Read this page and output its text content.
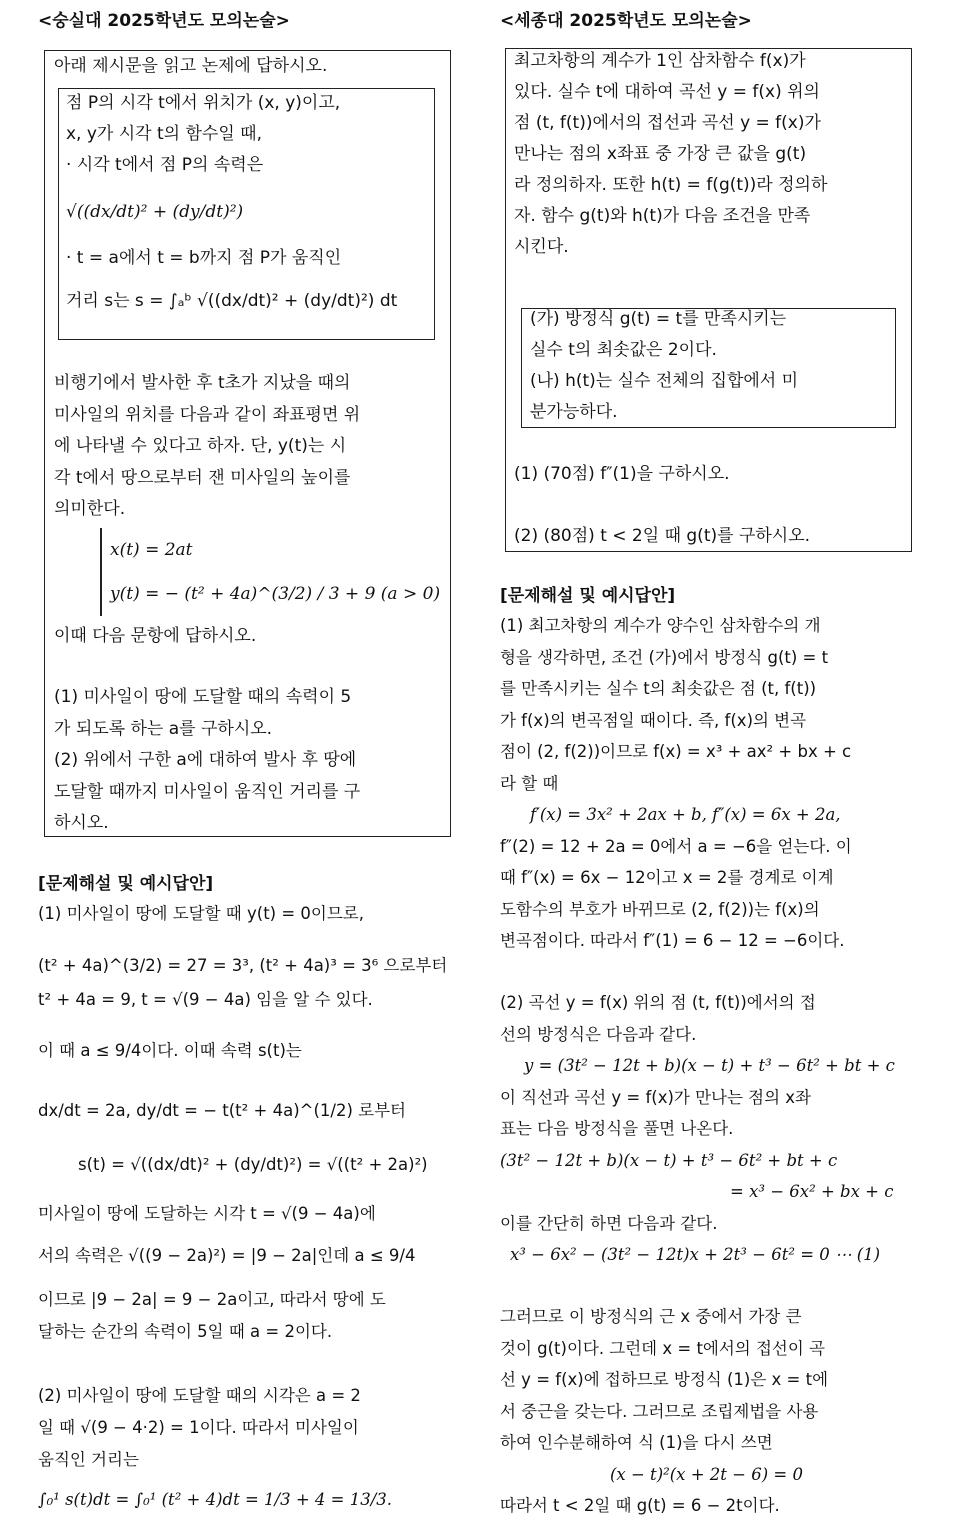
<숭실대 2025학년도 모의논술>
아래 제시문을 읽고 논제에 답하시오.
점 P의 시각 t에서 위치가 (x, y)이고,
x, y가 시각 t의 함수일 때,
· 시각 t에서 점 P의 속력은
√((dx/dt)² + (dy/dt)²)
· t = a에서 t = b까지 점 P가 움직인
거리 s는 s = ∫ₐᵇ √((dx/dt)² + (dy/dt)²) dt
비행기에서 발사한 후 t초가 지났을 때의
미사일의 위치를 다음과 같이 좌표평면 위
에 나타낼 수 있다고 하자. 단, y(t)는 시
각 t에서 땅으로부터 잰 미사일의 높이를
의미한다.
x(t) = 2at
y(t) = − (t² + 4a)^(3/2) / 3 + 9 (a > 0)
이때 다음 문항에 답하시오.
(1) 미사일이 땅에 도달할 때의 속력이 5
가 되도록 하는 a를 구하시오.
(2) 위에서 구한 a에 대하여 발사 후 땅에
도달할 때까지 미사일이 움직인 거리를 구
하시오.
[문제해설 및 예시답안]
(1) 미사일이 땅에 도달할 때 y(t) = 0이므로,
(t² + 4a)^(3/2) = 27 = 3³, (t² + 4a)³ = 3⁶ 으로부터
t² + 4a = 9, t = √(9 − 4a) 임을 알 수 있다.
이 때 a ≤ 9/4이다. 이때 속력 s(t)는
dx/dt = 2a, dy/dt = − t(t² + 4a)^(1/2) 로부터
s(t) = √((dx/dt)² + (dy/dt)²) = √((t² + 2a)²)
미사일이 땅에 도달하는 시각 t = √(9 − 4a)에
서의 속력은 √((9 − 2a)²) = |9 − 2a|인데 a ≤ 9/4
이므로 |9 − 2a| = 9 − 2a이고, 따라서 땅에 도
달하는 순간의 속력이 5일 때 a = 2이다.
(2) 미사일이 땅에 도달할 때의 시각은 a = 2
일 때 √(9 − 4·2) = 1이다. 따라서 미사일이
움직인 거리는
∫₀¹ s(t)dt = ∫₀¹ (t² + 4)dt = 1/3 + 4 = 13/3.
<세종대 2025학년도 모의논술>
최고차항의 계수가 1인 삼차함수 f(x)가
있다. 실수 t에 대하여 곡선 y = f(x) 위의
점 (t, f(t))에서의 접선과 곡선 y = f(x)가
만나는 점의 x좌표 중 가장 큰 값을 g(t)
라 정의하자. 또한 h(t) = f(g(t))라 정의하
자. 함수 g(t)와 h(t)가 다음 조건을 만족
시킨다.
(가) 방정식 g(t) = t를 만족시키는
실수 t의 최솟값은 2이다.
(나) h(t)는 실수 전체의 집합에서 미
분가능하다.
(1) (70점) f″(1)을 구하시오.
(2) (80점) t < 2일 때 g(t)를 구하시오.
[문제해설 및 예시답안]
(1) 최고차항의 계수가 양수인 삼차함수의 개
형을 생각하면, 조건 (가)에서 방정식 g(t) = t
를 만족시키는 실수 t의 최솟값은 점 (t, f(t))
가 f(x)의 변곡점일 때이다. 즉, f(x)의 변곡
점이 (2, f(2))이므로 f(x) = x³ + ax² + bx + c
라 할 때
f′(x) = 3x² + 2ax + b, f″(x) = 6x + 2a,
f″(2) = 12 + 2a = 0에서 a = −6을 얻는다. 이
때 f″(x) = 6x − 12이고 x = 2를 경계로 이계
도함수의 부호가 바뀌므로 (2, f(2))는 f(x)의
변곡점이다. 따라서 f″(1) = 6 − 12 = −6이다.
(2) 곡선 y = f(x) 위의 점 (t, f(t))에서의 접
선의 방정식은 다음과 같다.
y = (3t² − 12t + b)(x − t) + t³ − 6t² + bt + c
이 직선과 곡선 y = f(x)가 만나는 점의 x좌
표는 다음 방정식을 풀면 나온다.
(3t² − 12t + b)(x − t) + t³ − 6t² + bt + c
= x³ − 6x² + bx + c
이를 간단히 하면 다음과 같다.
x³ − 6x² − (3t² − 12t)x + 2t³ − 6t² = 0 ⋯ (1)
그러므로 이 방정식의 근 x 중에서 가장 큰
것이 g(t)이다. 그런데 x = t에서의 접선이 곡
선 y = f(x)에 접하므로 방정식 (1)은 x = t에
서 중근을 갖는다. 그러므로 조립제법을 사용
하여 인수분해하여 식 (1)을 다시 쓰면
(x − t)²(x + 2t − 6) = 0
따라서 t < 2일 때 g(t) = 6 − 2t이다.
